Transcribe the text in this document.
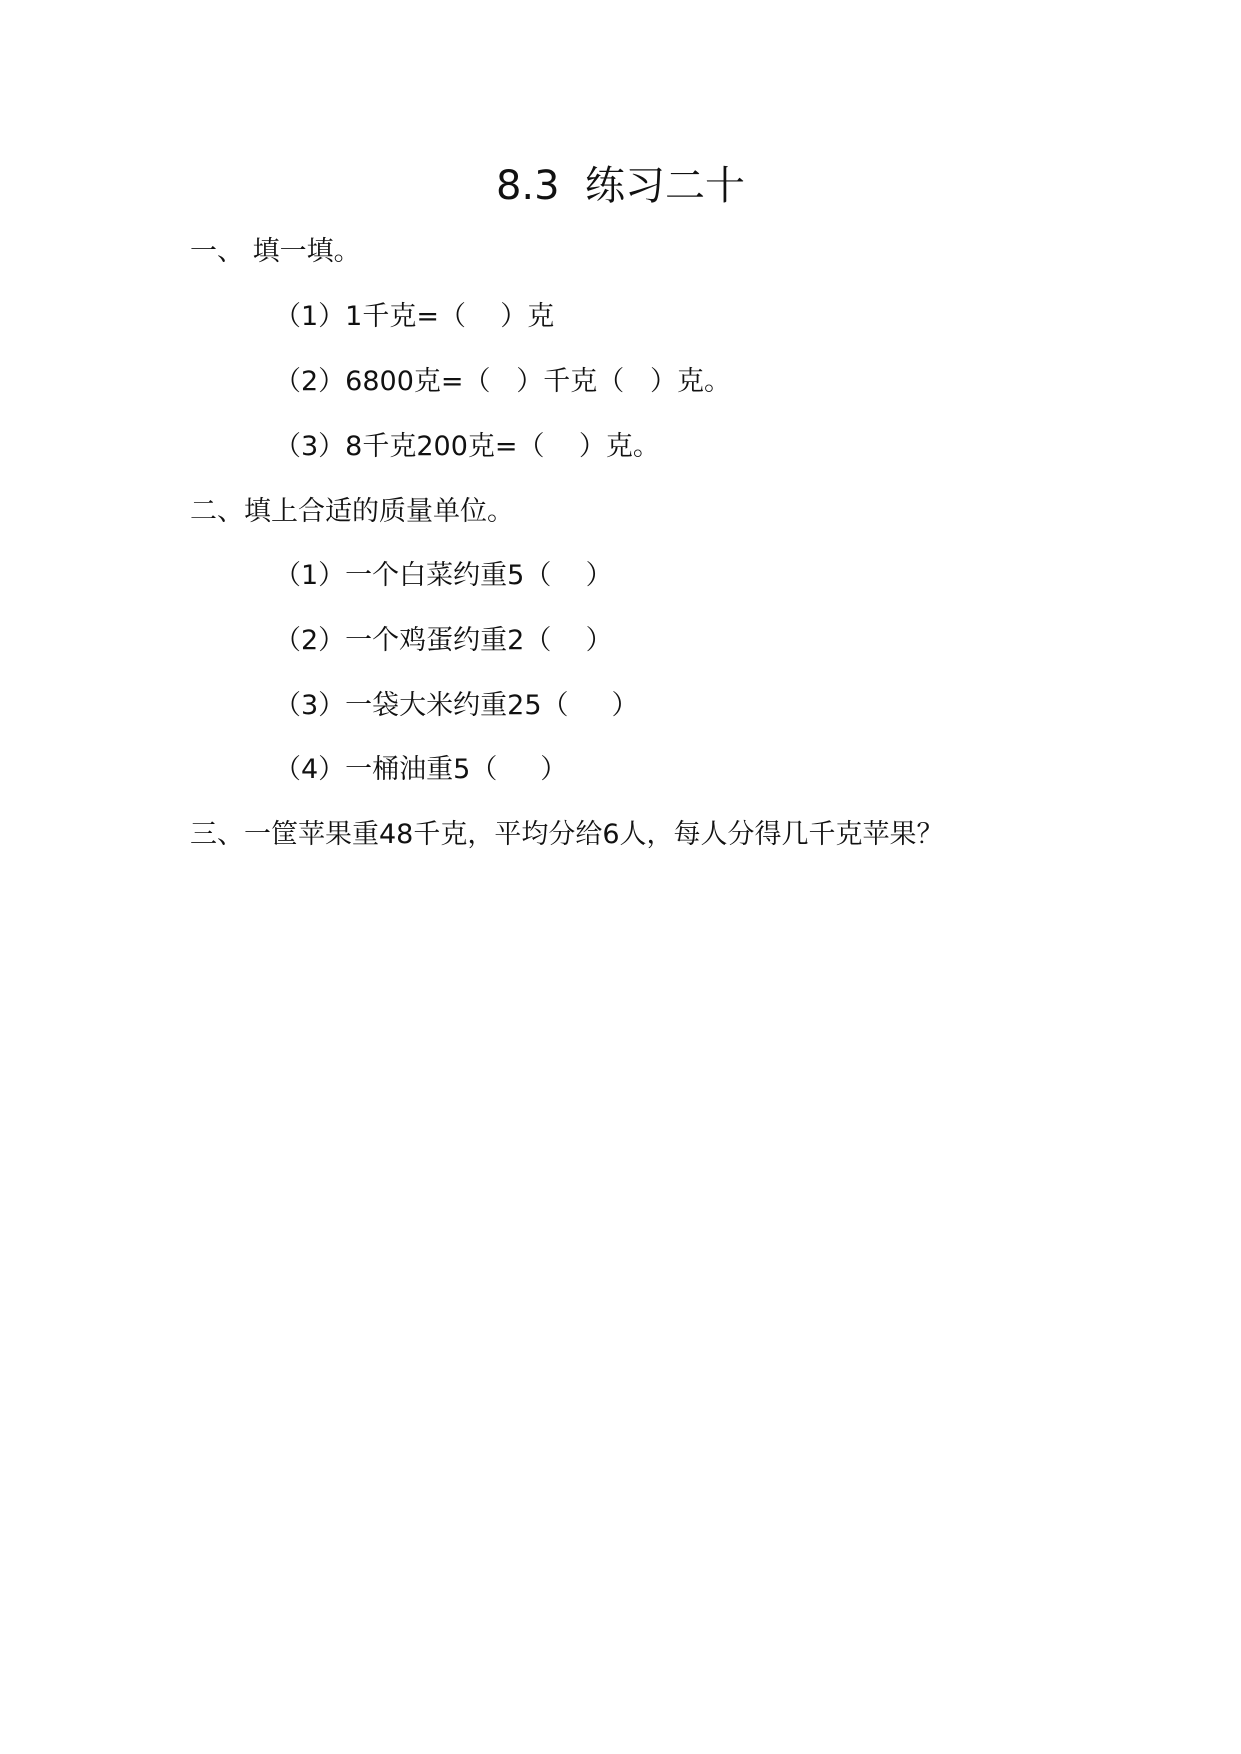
8.3  练习二十
一、 填一填。
（1）1千克=（    ）克
（2）6800克=（   ）千克（   ）克。
（3）8千克200克=（    ）克。
二、填上合适的质量单位。
（1）一个白菜约重5（    ）
（2）一个鸡蛋约重2（    ）
（3）一袋大米约重25（     ）
（4）一桶油重5（     ）
三、一筐苹果重48千克，平均分给6人，每人分得几千克苹果？
